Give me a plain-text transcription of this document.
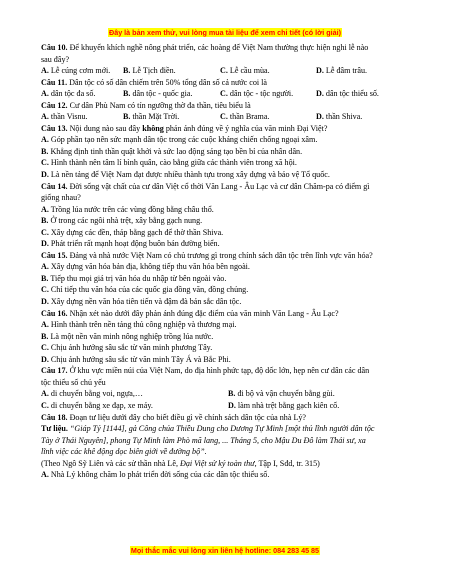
Đây là bản xem thử, vui lòng mua tài liệu để xem chi tiết (có lời giải)
Câu 10. Để khuyến khích nghề nông phát triển, các hoàng đế Việt Nam thường thực hiện nghi lễ nào
sau đây?
A. Lễ cúng cơm mới. B. Lễ Tịch điền.	C. Lễ cầu mùa.	D. Lễ đâm trâu.
Câu 11. Dân tộc có số dân chiếm trên 50% tổng dân số cả nước coi là
A. dân tộc đa số.	B. dân tộc - quốc gia.	C. dân tộc - tộc người.	D. dân tộc thiểu số.
Câu 12. Cư dân Phù Nam có tín ngưỡng thờ đa thần, tiêu biểu là
A. thần Visnu.	B. thần Mặt Trời.	C. thần Brama.	D. thần Shiva.
Câu 13. Nội dung nào sau đây không phản ánh đúng về ý nghĩa của văn minh Đại Việt?
A. Góp phần tạo nên sức mạnh dân tộc trong các cuộc kháng chiến chống ngoại xâm.
B. Khẳng định tinh thần quật khởi và sức lao động sáng tạo bền bỉ của nhân dân.
C. Hình thành nên tâm lí bình quân, cào bằng giữa các thành viên trong xã hội.
D. Là nền tảng để Việt Nam đạt được nhiều thành tựu trong xây dựng và bảo vệ Tổ quốc.
Câu 14. Đời sống vật chất của cư dân Việt cổ thời Văn Lang - Âu Lạc và cư dân Chăm-pa có điểm gì
giống nhau?
A. Trồng lúa nước trên các vùng đồng bằng châu thổ.
B. Ở trong các ngôi nhà trệt, xây bằng gạch nung.
C. Xây dựng các đền, tháp bằng gạch để thờ thần Shiva.
D. Phát triển rất mạnh hoạt động buôn bán đường biển.
Câu 15. Đảng và nhà nước Việt Nam có chủ trương gì trong chính sách dân tộc trên lĩnh vực văn hóa?
A. Xây dựng văn hóa bản địa, không tiếp thu văn hóa bên ngoài.
B. Tiếp thu mọi giá trị văn hóa du nhập từ bên ngoài vào.
C. Chỉ tiếp thu văn hóa của các quốc gia đồng văn, đồng chủng.
D. Xây dựng nền văn hóa tiên tiến và đậm đà bản sắc dân tộc.
Câu 16. Nhận xét nào dưới đây phản ánh đúng đặc điểm của văn minh Văn Lang - Âu Lạc?
A. Hình thành trên nền tảng thủ công nghiệp và thương mại.
B. Là một nền văn minh nông nghiệp trồng lúa nước.
C. Chịu ảnh hưởng sâu sắc từ văn minh phương Tây.
D. Chịu ảnh hưởng sâu sắc từ văn minh Tây Á và Bắc Phi.
Câu 17. Ở khu vực miền núi của Việt Nam, do địa hình phức tạp, độ dốc lớn, hẹp nên cư dân các dân
tộc thiểu số chủ yếu
A. di chuyển bằng voi, ngựa,…	B. đi bộ và vận chuyển bằng gùi.
C. di chuyển bằng xe đạp, xe máy.	D. làm nhà trệt bằng gạch kiên cố.
Câu 18. Đoạn tư liệu dưới đây cho biết điều gì về chính sách dân tộc của nhà Lý?
Tư liệu. “Giáp Tý [1144], gả Công chúa Thiều Dung cho Dương Tự Minh [một thủ lĩnh người dân tộc
Tày ở Thái Nguyên], phong Tự Minh làm Phò mã lang, ... Tháng 5, cho Mậu Du Đô làm Thái sư, xa
lĩnh việc các khê động dọc biên giới về đường bộ”.
(Theo Ngô Sỹ Liên và các sử thần nhà Lê, Đại Việt sử ký toàn thư, Tập I, Sđd, tr. 315)
A. Nhà Lý không chăm lo phát triển đời sống của các dân tộc thiểu số.
Mọi thắc mắc vui lòng xin liên hệ hotline: 084 283 45 85
